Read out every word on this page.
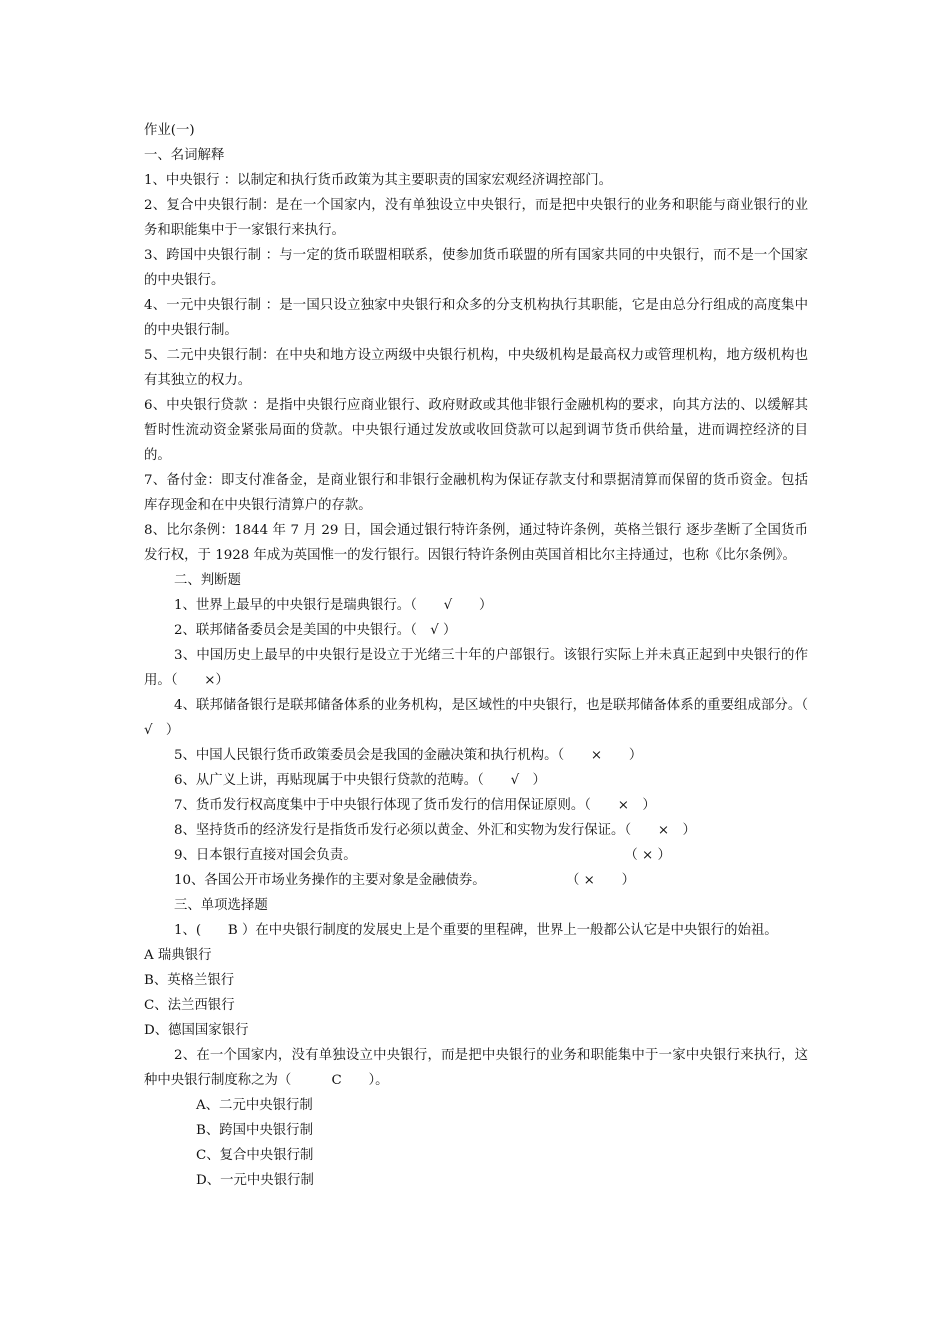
作业(一)
一、名词解释
1、中央银行 ：以制定和执行货币政策为其主要职责的国家宏观经济调控部门。
2、复合中央银行制：是在一个国家内，没有单独设立中央银行，而是把中央银行的业务和职能与商业银行的业务和职能集中于一家银行来执行。
3、跨国中央银行制 ：与一定的货币联盟相联系，使参加货币联盟的所有国家共同的中央银行，而不是一个国家的中央银行。
4、一元中央银行制 ：是一国只设立独家中央银行和众多的分支机构执行其职能，它是由总分行组成的高度集中的中央银行制。
5、二元中央银行制：在中央和地方设立两级中央银行机构，中央级机构是最高权力或管理机构，地方级机构也有其独立的权力。
6、中央银行贷款 ：是指中央银行应商业银行、政府财政或其他非银行金融机构的要求，向其方法的、以缓解其暂时性流动资金紧张局面的贷款。中央银行通过发放或收回贷款可以起到调节货币供给量，进而调控经济的目的。
7、备付金：即支付准备金，是商业银行和非银行金融机构为保证存款支付和票据清算而保留的货币资金。包括库存现金和在中央银行清算户的存款。
8、比尔条例：1844 年 7 月 29 日，国会通过银行特许条例，通过特许条例，英格兰银行 逐步垄断了全国货币发行权，于 1928 年成为英国惟一的发行银行。因银行特许条例由英国首相比尔主持通过，也称《比尔条例》。
二、判断题
1、世界上最早的中央银行是瑞典银行。（　　√　　）
2、联邦储备委员会是美国的中央银行。（　√ ）
3、中国历史上最早的中央银行是设立于光绪三十年的户部银行。该银行实际上并未真正起到中央银行的作用。（　　×）
4、联邦储备银行是联邦储备体系的业务机构，是区域性的中央银行，也是联邦储备体系的重要组成部分。（　　√　）
5、中国人民银行货币政策委员会是我国的金融决策和执行机构。（　　×　　）
6、从广义上讲，再贴现属于中央银行贷款的范畴。（　　√　）
7、货币发行权高度集中于中央银行体现了货币发行的信用保证原则。（　　×　）
8、坚持货币的经济发行是指货币发行必须以黄金、外汇和实物为发行保证。（　　×　）
9、日本银行直接对国会负责。　　　　　　　　　　　　　　　　　　　　　（ × ）
10、各国公开市场业务操作的主要对象是金融债券。　　　　　　　（ ×　　）
三、单项选择题
1、(　　B ）在中央银行制度的发展史上是个重要的里程碑，世界上一般都公认它是中央银行的始祖。
A 瑞典银行
B、英格兰银行
C、法兰西银行
D、德国国家银行
2、在一个国家内，没有单独设立中央银行，而是把中央银行的业务和职能集中于一家中央银行来执行，这种中央银行制度称之为（　　　C　　）。
A、二元中央银行制
B、跨国中央银行制
C、复合中央银行制
D、一元中央银行制
